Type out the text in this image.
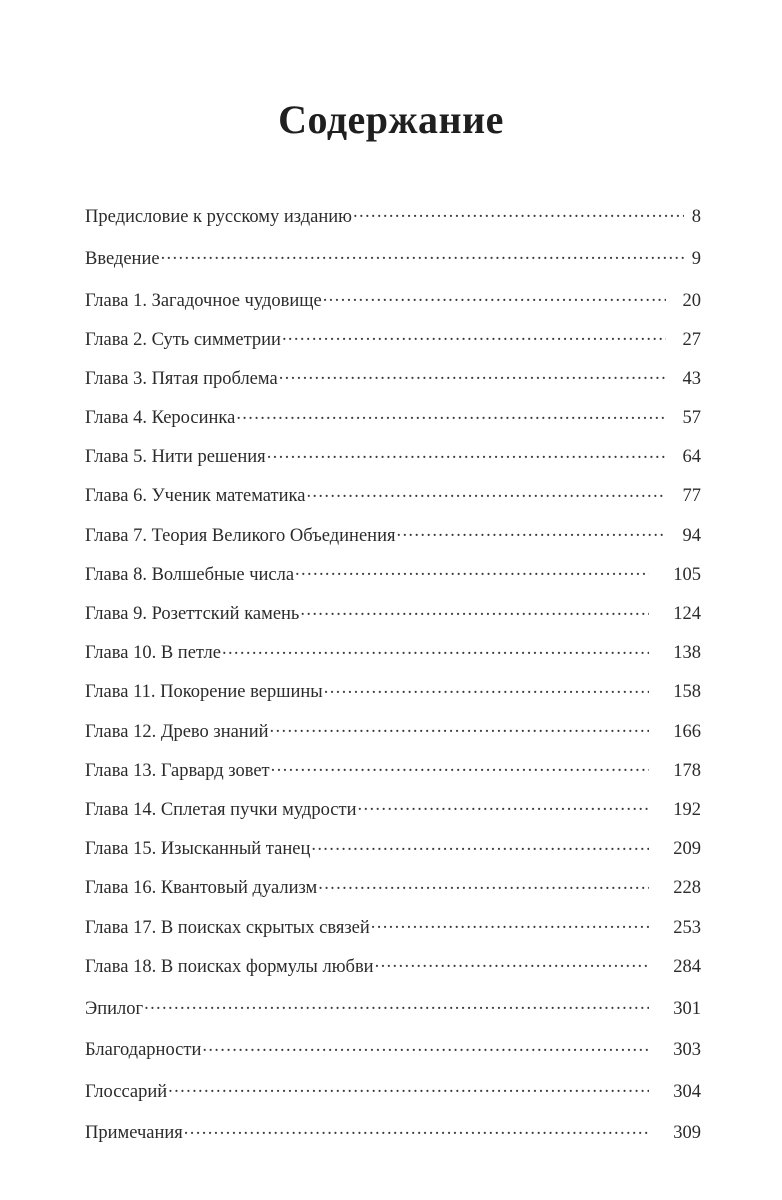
Содержание
Предисловие к русскому изданию .....	8
Введение .....	9
Глава 1. Загадочное чудовище .....	20
Глава 2. Суть симметрии .....	27
Глава 3. Пятая проблема .....	43
Глава 4. Керосинка .....	57
Глава 5. Нити решения .....	64
Глава 6. Ученик математика .....	77
Глава 7. Теория Великого Объединения .....	94
Глава 8. Волшебные числа .....	105
Глава 9. Розеттский камень .....	124
Глава 10. В петле .....	138
Глава 11. Покорение вершины .....	158
Глава 12. Древо знаний .....	166
Глава 13. Гарвард зовет .....	178
Глава 14. Сплетая пучки мудрости .....	192
Глава 15. Изысканный танец .....	209
Глава 16. Квантовый дуализм .....	228
Глава 17. В поисках скрытых связей .....	253
Глава 18. В поисках формулы любви .....	284
Эпилог .....	301
Благодарности .....	303
Глоссарий .....	304
Примечания .....	309
